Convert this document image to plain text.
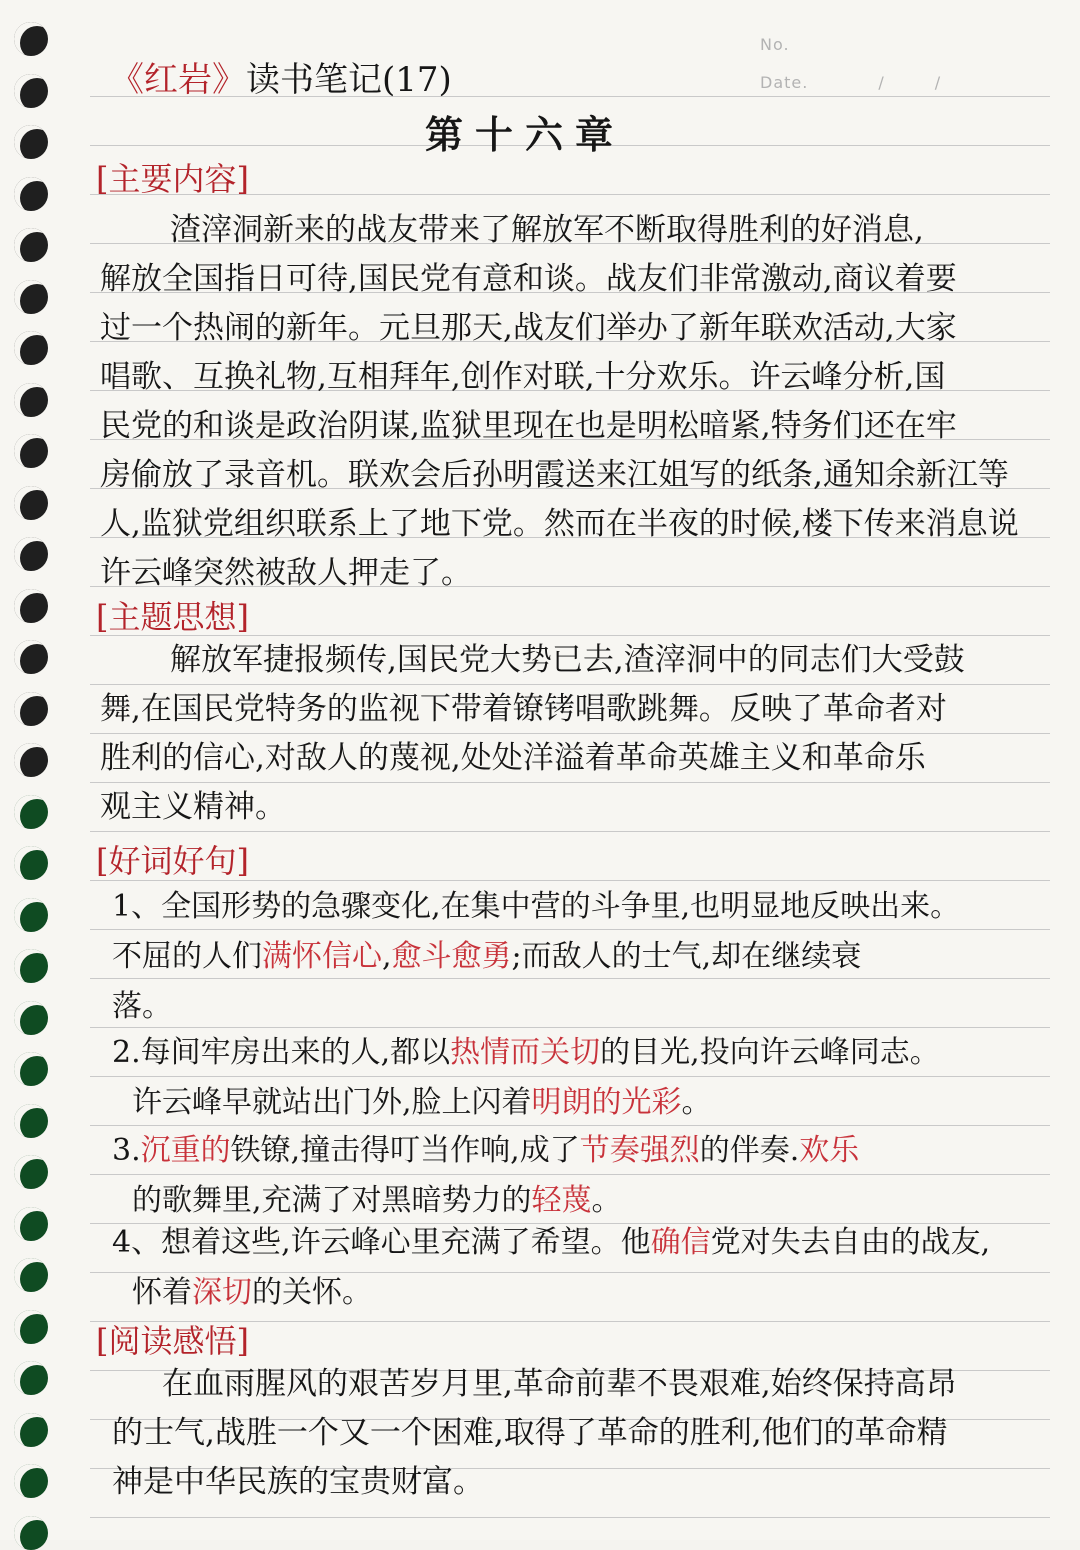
No.
Date.	/	/
《红岩》读书笔记(17)
第十六章
[主要内容]
渣滓洞新来的战友带来了解放军不断取得胜利的好消息,
解放全国指日可待,国民党有意和谈。战友们非常激动,商议着要
过一个热闹的新年。元旦那天,战友们举办了新年联欢活动,大家
唱歌、互换礼物,互相拜年,创作对联,十分欢乐。许云峰分析,国
民党的和谈是政治阴谋,监狱里现在也是明松暗紧,特务们还在牢
房偷放了录音机。联欢会后孙明霞送来江姐写的纸条,通知余新江等
人,监狱党组织联系上了地下党。然而在半夜的时候,楼下传来消息说
许云峰突然被敌人押走了。
[主题思想]
解放军捷报频传,国民党大势已去,渣滓洞中的同志们大受鼓
舞,在国民党特务的监视下带着镣铐唱歌跳舞。反映了革命者对
胜利的信心,对敌人的蔑视,处处洋溢着革命英雄主义和革命乐
观主义精神。
[好词好句]
1、全国形势的急骤变化,在集中营的斗争里,也明显地反映出来。
不屈的人们满怀信心,愈斗愈勇;而敌人的士气,却在继续衰
落。
2.每间牢房出来的人,都以热情而关切的目光,投向许云峰同志。
许云峰早就站出门外,脸上闪着明朗的光彩。
3.沉重的铁镣,撞击得叮当作响,成了节奏强烈的伴奏.欢乐
的歌舞里,充满了对黑暗势力的轻蔑。
4、想着这些,许云峰心里充满了希望。他确信党对失去自由的战友,
怀着深切的关怀。
[阅读感悟]
在血雨腥风的艰苦岁月里,革命前辈不畏艰难,始终保持高昂
的士气,战胜一个又一个困难,取得了革命的胜利,他们的革命精
神是中华民族的宝贵财富。
